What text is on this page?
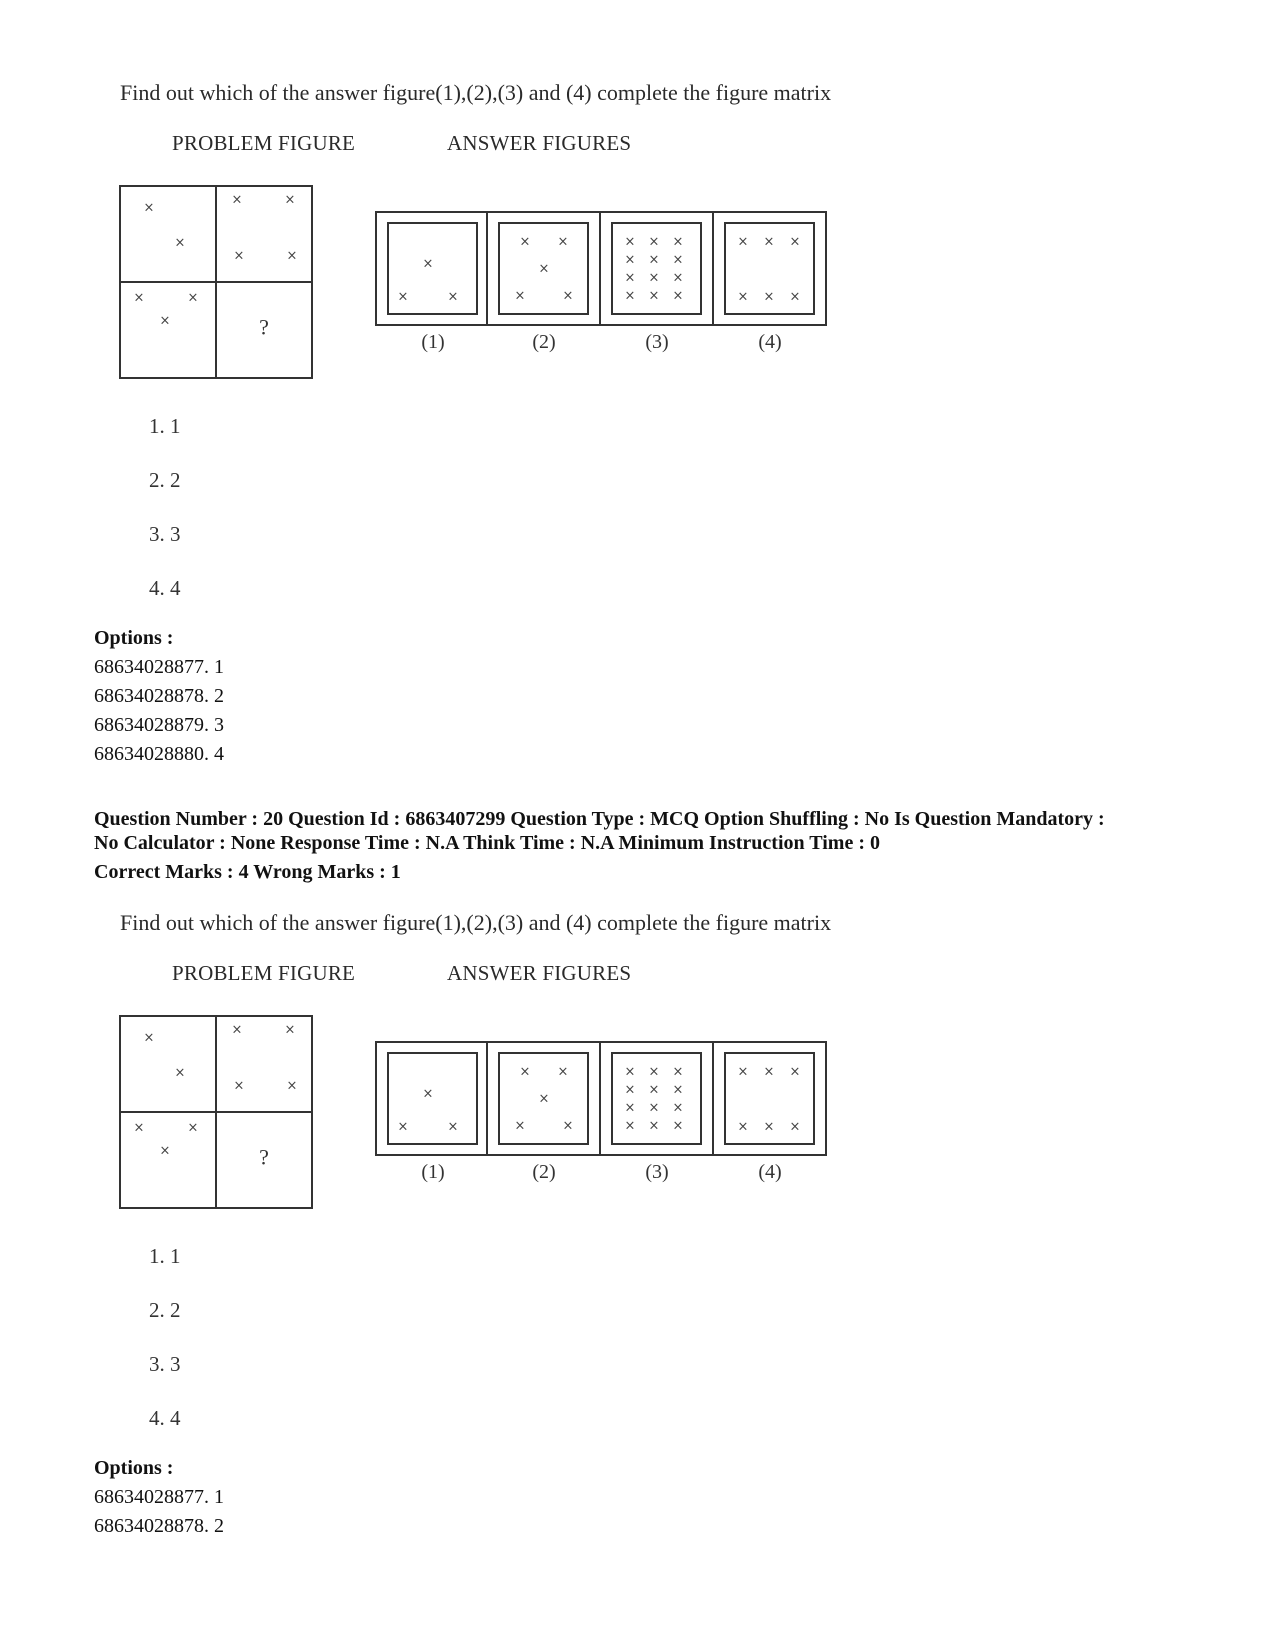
Find out which of the answer figure(1),(2),(3) and (4) complete the figure matrix
PROBLEM FIGURE	ANSWER FIGURES
×
×
×	×
×	×
×	×
×	?
×
×	×
(1)
× ×
×
×	×
(2)
× × ×
× × ×
× × ×
× × ×
(3)
× × ×
× × ×
(4)
1. 1
2. 2
3. 3
4. 4
Options :
68634028877. 1
68634028878. 2
68634028879. 3
68634028880. 4
Question Number : 20 Question Id : 6863407299 Question Type : MCQ Option Shuffling : No Is Question Mandatory :
No Calculator : None Response Time : N.A Think Time : N.A Minimum Instruction Time : 0
Correct Marks : 4 Wrong Marks : 1
Find out which of the answer figure(1),(2),(3) and (4) complete the figure matrix
PROBLEM FIGURE	ANSWER FIGURES
×
×
×	×
×	×
×	×
×	?
×
×	×
(1)
× ×
×
×	×
(2)
× × ×
× × ×
× × ×
× × ×
(3)
× × ×
× × ×
(4)
1. 1
2. 2
3. 3
4. 4
Options :
68634028877. 1
68634028878. 2
